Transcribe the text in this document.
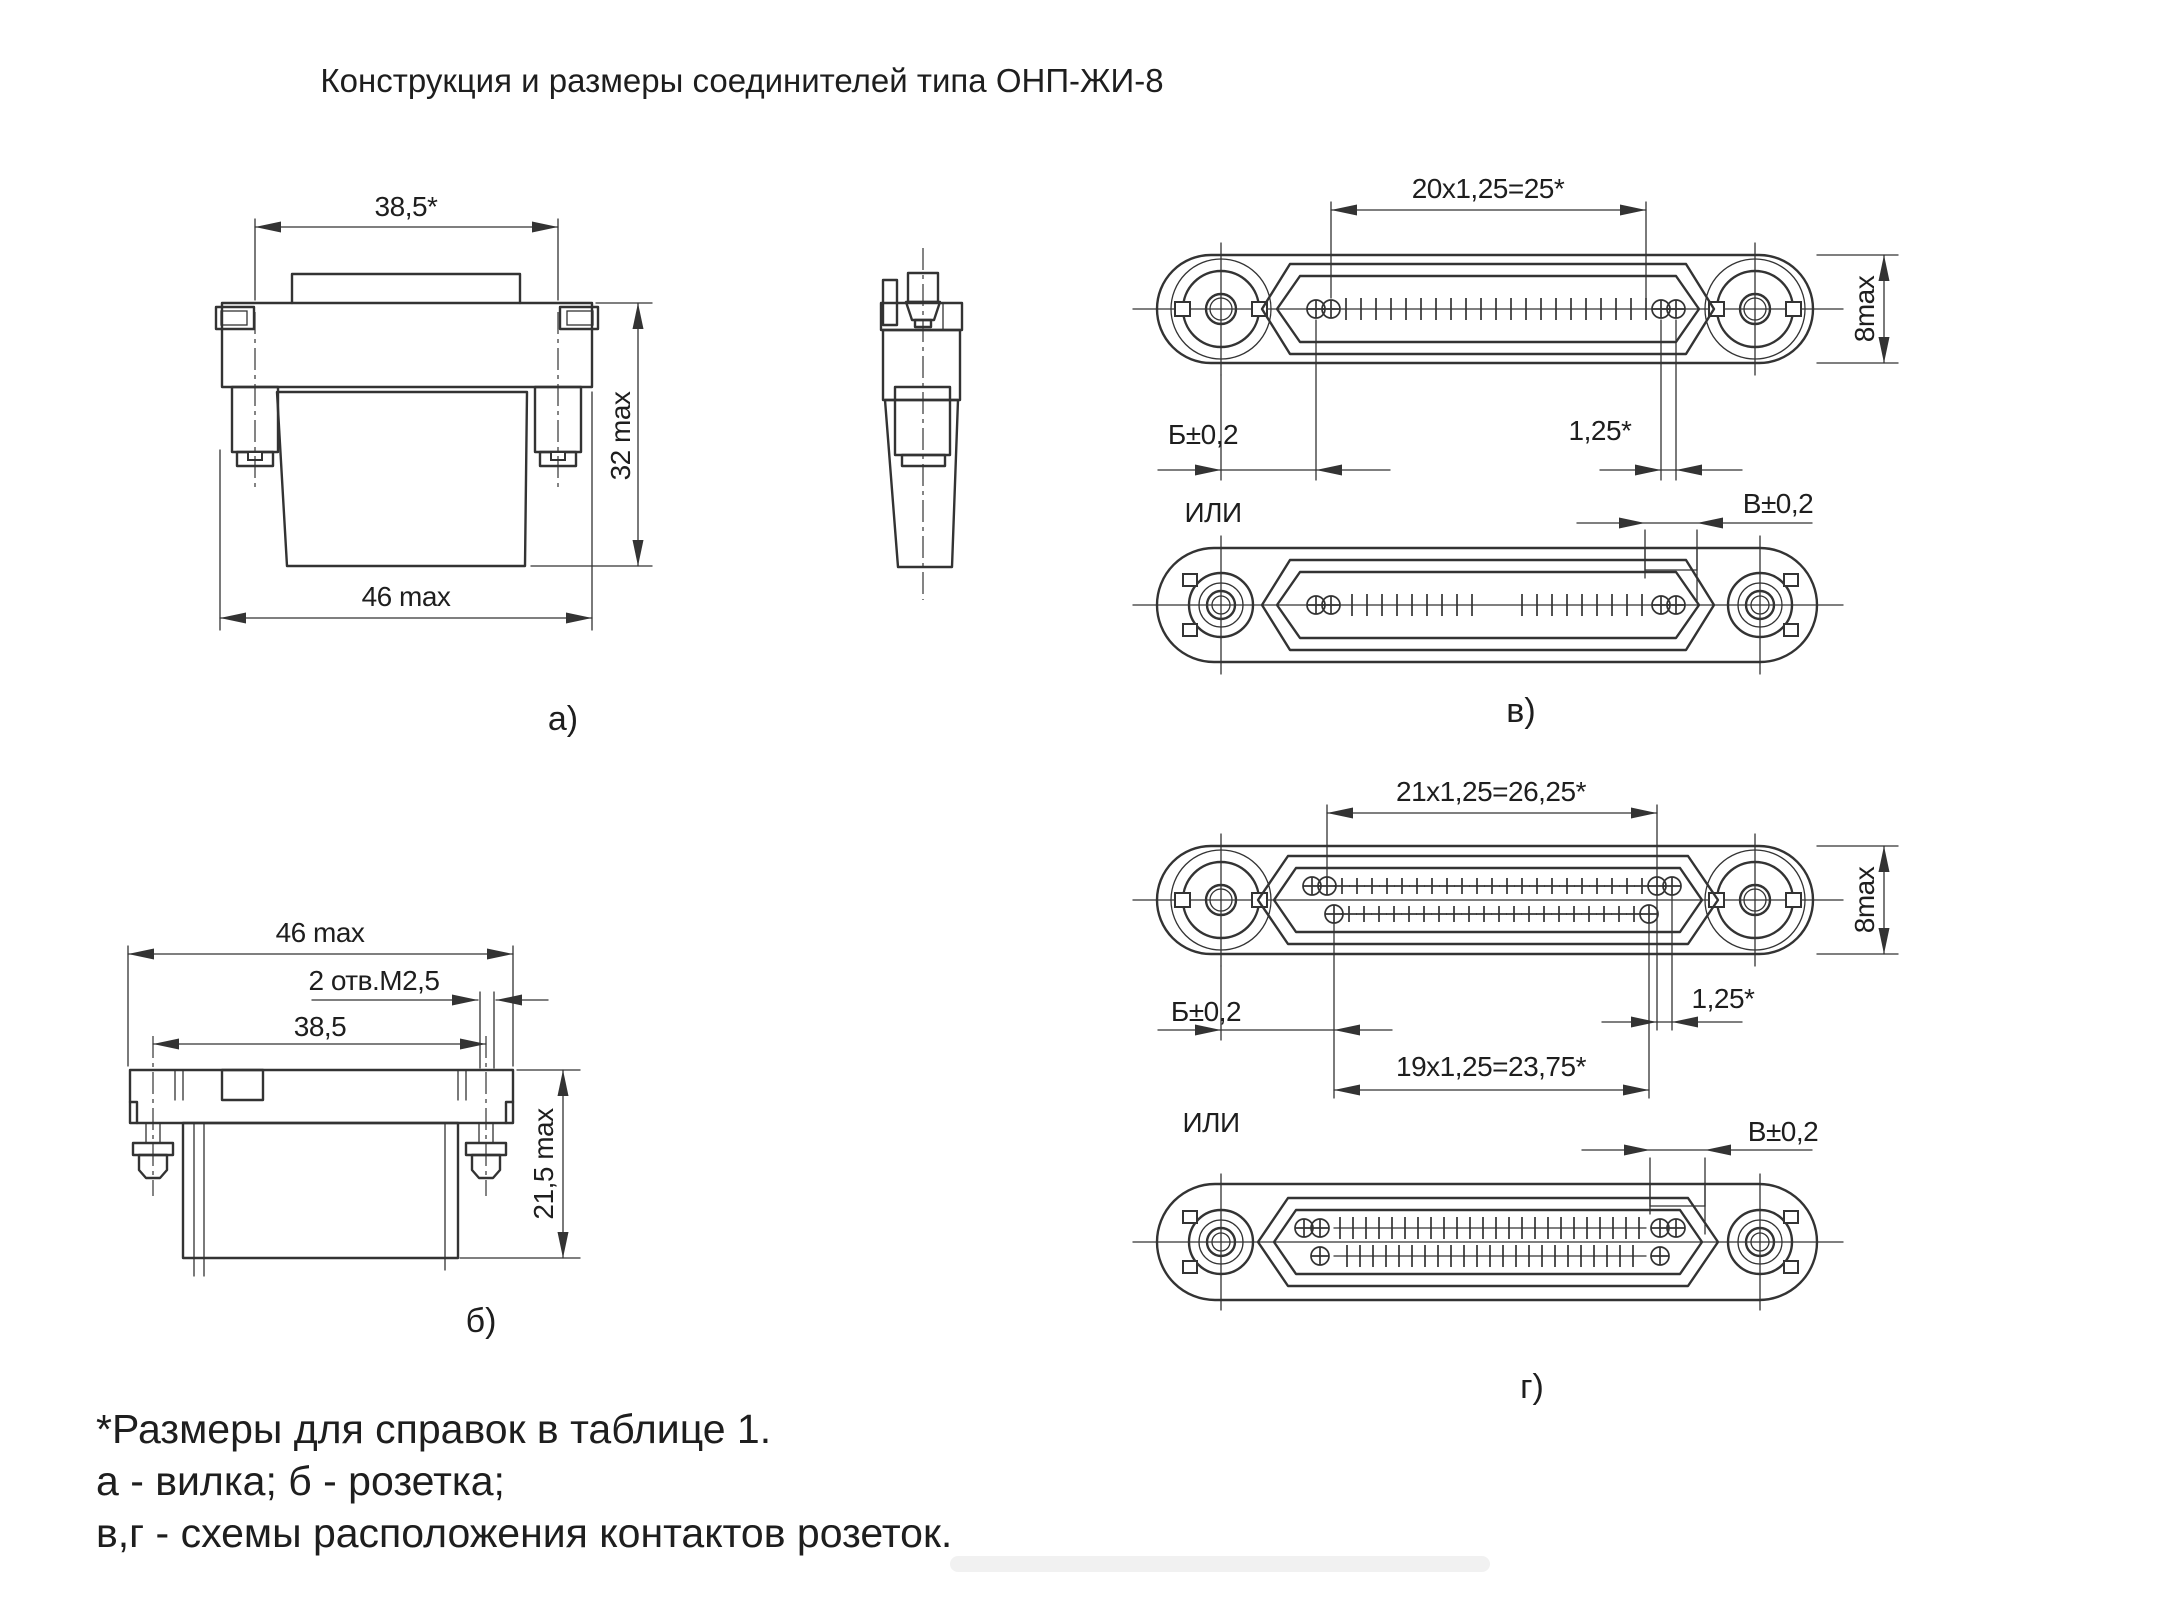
Конструкция и размеры соединителей типа ОНП-ЖИ-8
38,5*
32 max
46 max
а)
46 max
2 отв.М2,5
38,5
21,5 max
б)
20х1,25=25*
8max
Б±0,2	1,25*
В±0,2
ИЛИ
в)
21х1,25=26,25*
8max
Б±0,2	1,25*
19х1,25=23,75*
В±0,2
ИЛИ
г)
*Размеры для справок в таблице 1.
а - вилка; б - розетка;
в,г - схемы расположения контактов розеток.
